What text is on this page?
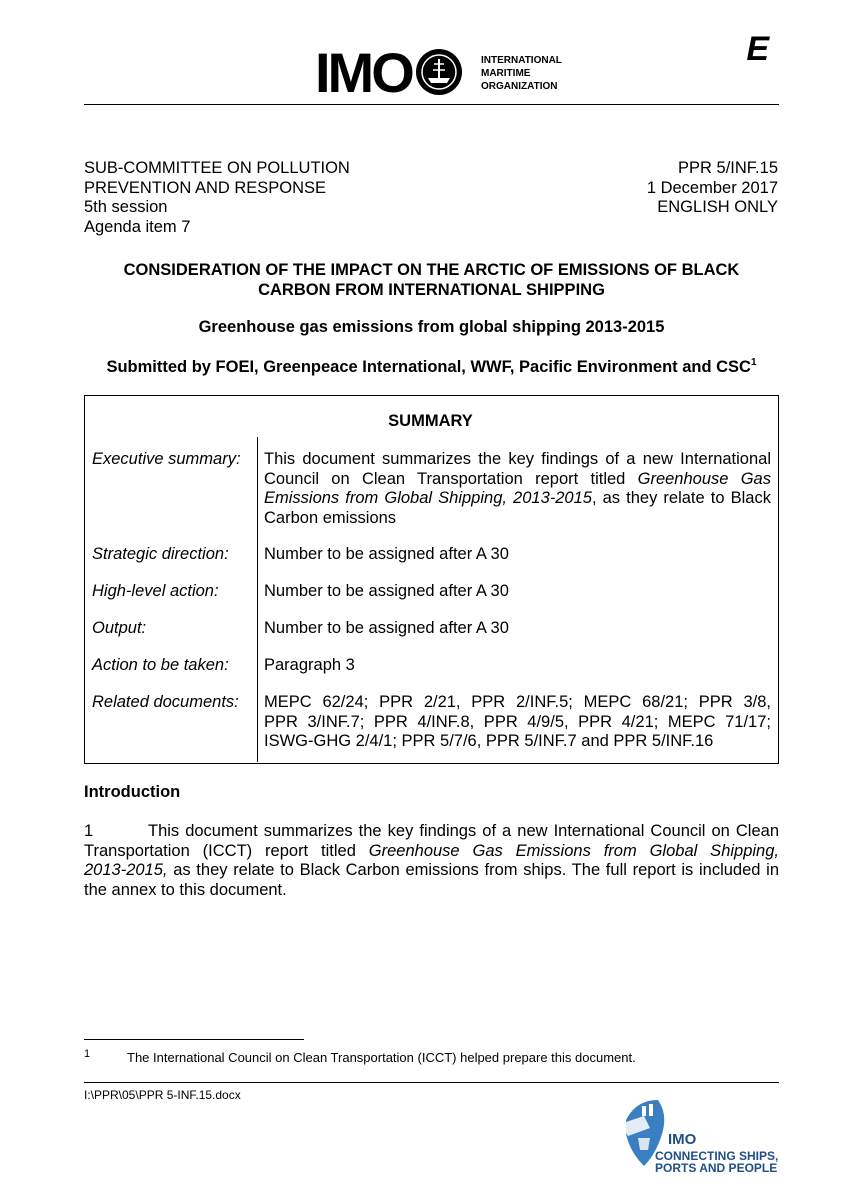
IMO	INTERNATIONAL
MARITIME
ORGANIZATION
E
SUB-COMMITTEE ON POLLUTION
PREVENTION AND RESPONSE
5th session
Agenda item 7
PPR 5/INF.15
1 December 2017
ENGLISH ONLY
CONSIDERATION OF THE IMPACT ON THE ARCTIC OF EMISSIONS OF BLACK
CARBON FROM INTERNATIONAL SHIPPING
Greenhouse gas emissions from global shipping 2013-2015
Submitted by FOEI, Greenpeace International, WWF, Pacific Environment and CSC$^1$
SUMMARY
Executive summary: This document summarizes the key findings of a new International
Council on Clean Transportation report titled Greenhouse Gas
Emissions from Global Shipping, 2013-2015, as they relate to Black
Carbon emissions
Strategic direction: Number to be assigned after A 30
High-level action:	Number to be assigned after A 30
Output:	Number to be assigned after A 30
Action to be taken: Paragraph 3
Related documents: MEPC 62/24; PPR 2/21, PPR 2/INF.5; MEPC 68/21; PPR 3/8,
PPR 3/INF.7; PPR 4/INF.8, PPR 4/9/5, PPR 4/21; MEPC 71/17;
ISWG-GHG 2/4/1; PPR 5/7/6, PPR 5/INF.7 and PPR 5/INF.16
Introduction
1	This document summarizes the key findings of a new International Council on Clean
Transportation (ICCT) report titled Greenhouse Gas Emissions from Global Shipping,
2013-2015, as they relate to Black Carbon emissions from ships. The full report is included in
the annex to this document.
1	The International Council on Clean Transportation (ICCT) helped prepare this document.
I:\PPR\05\PPR 5-INF.15.docx
IMO
CONNECTING SHIPS,
PORTS AND PEOPLE
